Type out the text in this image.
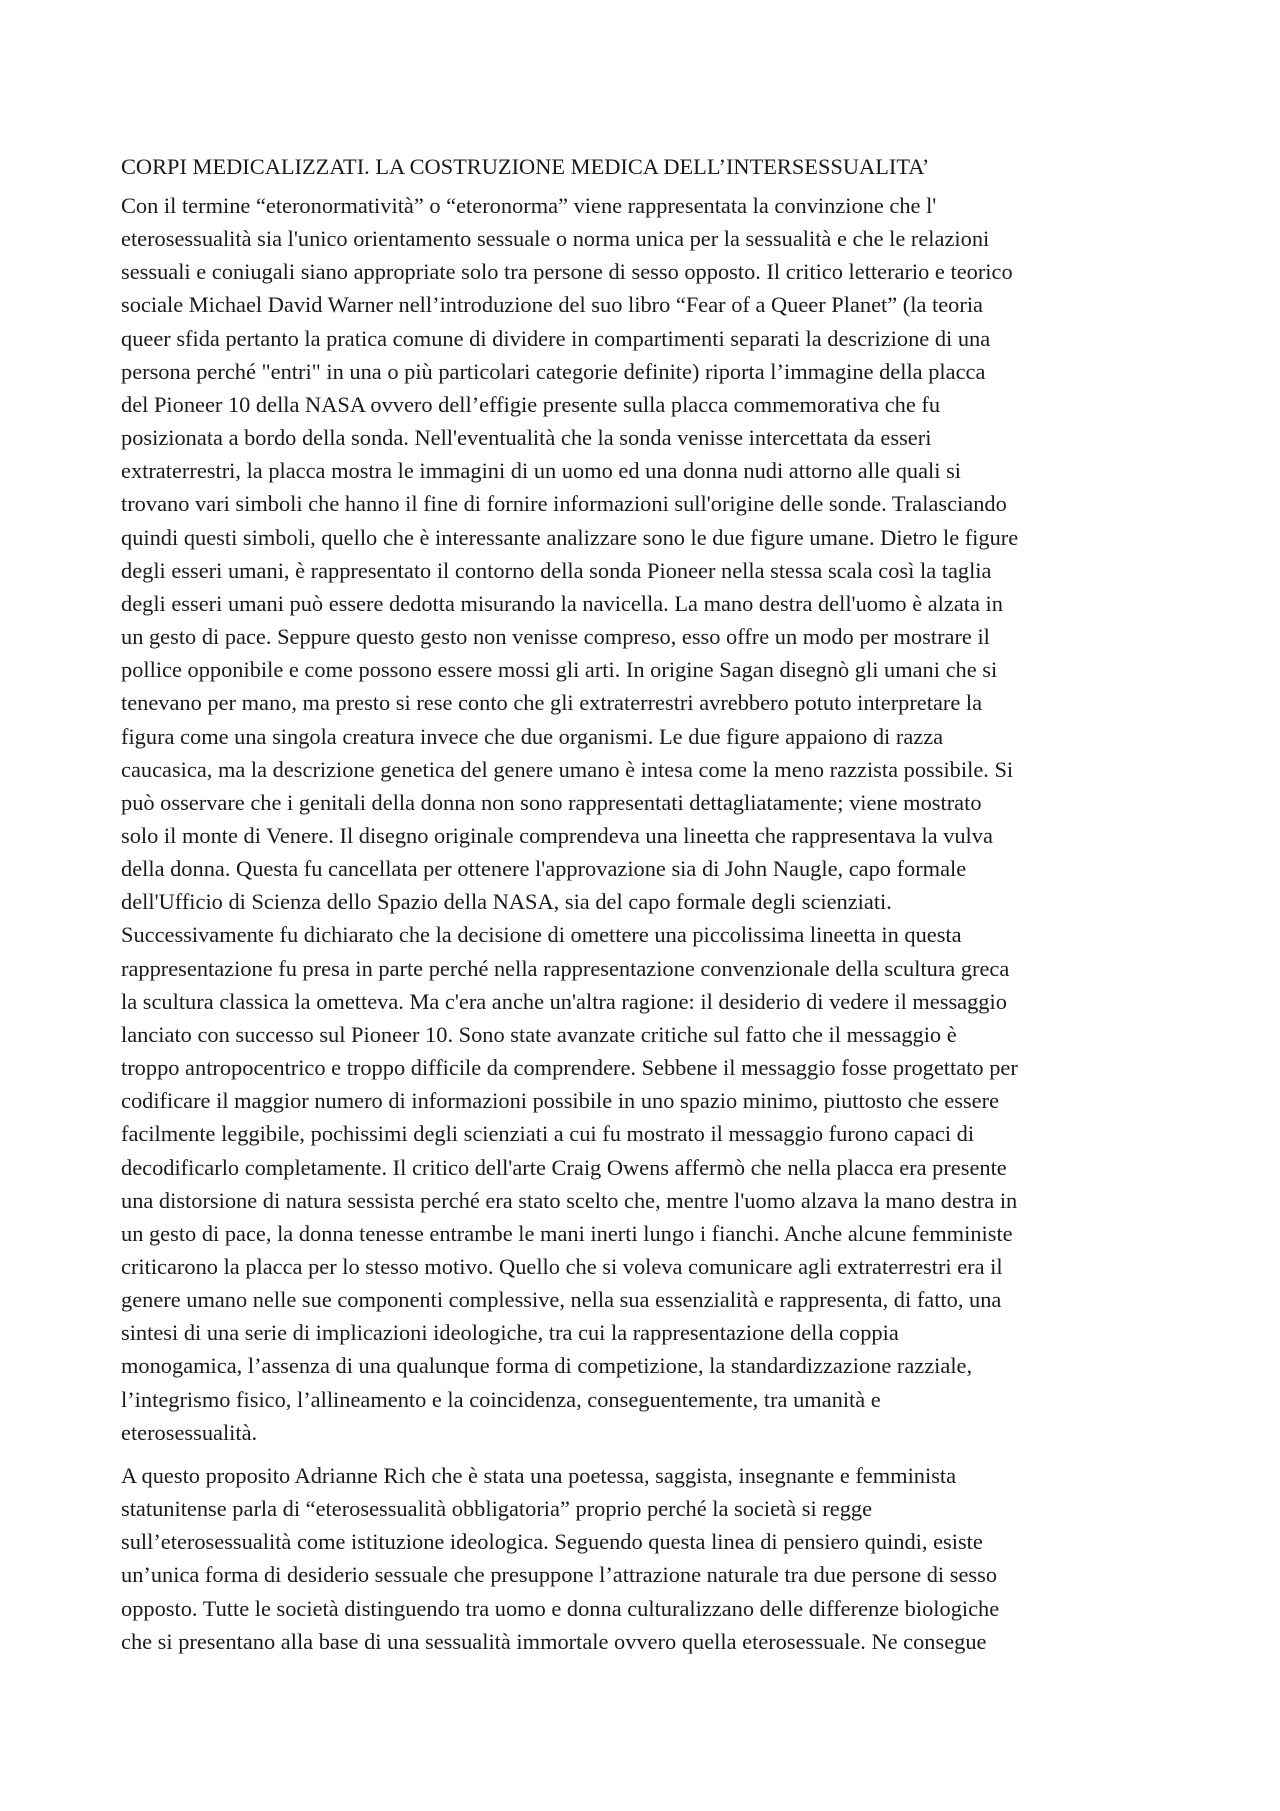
CORPI MEDICALIZZATI. LA COSTRUZIONE MEDICA DELL’INTERSESSUALITA’

Con il termine “eteronormatività” o “eteronorma” viene rappresentata la convinzione che l'
eterosessualità sia l'unico orientamento sessuale o norma unica per la sessualità e che le relazioni
sessuali e coniugali siano appropriate solo tra persone di sesso opposto. Il critico letterario e teorico
sociale Michael David Warner nell’introduzione del suo libro “Fear of a Queer Planet” (la teoria
queer sfida pertanto la pratica comune di dividere in compartimenti separati la descrizione di una
persona perché "entri" in una o più particolari categorie definite) riporta l’immagine della placca
del Pioneer 10 della NASA ovvero dell’effigie presente sulla placca commemorativa che fu
posizionata a bordo della sonda. Nell'eventualità che la sonda venisse intercettata da esseri
extraterrestri, la placca mostra le immagini di un uomo ed una donna nudi attorno alle quali si
trovano vari simboli che hanno il fine di fornire informazioni sull'origine delle sonde. Tralasciando
quindi questi simboli, quello che è interessante analizzare sono le due figure umane. Dietro le figure
degli esseri umani, è rappresentato il contorno della sonda Pioneer nella stessa scala così la taglia
degli esseri umani può essere dedotta misurando la navicella. La mano destra dell'uomo è alzata in
un gesto di pace. Seppure questo gesto non venisse compreso, esso offre un modo per mostrare il
pollice opponibile e come possono essere mossi gli arti. In origine Sagan disegnò gli umani che si
tenevano per mano, ma presto si rese conto che gli extraterrestri avrebbero potuto interpretare la
figura come una singola creatura invece che due organismi. Le due figure appaiono di razza
caucasica, ma la descrizione genetica del genere umano è intesa come la meno razzista possibile. Si
può osservare che i genitali della donna non sono rappresentati dettagliatamente; viene mostrato
solo il monte di Venere. Il disegno originale comprendeva una lineetta che rappresentava la vulva
della donna. Questa fu cancellata per ottenere l'approvazione sia di John Naugle, capo formale
dell'Ufficio di Scienza dello Spazio della NASA, sia del capo formale degli scienziati.
Successivamente fu dichiarato che la decisione di omettere una piccolissima lineetta in questa
rappresentazione fu presa in parte perché nella rappresentazione convenzionale della scultura greca
la scultura classica la ometteva. Ma c'era anche un'altra ragione: il desiderio di vedere il messaggio
lanciato con successo sul Pioneer 10. Sono state avanzate critiche sul fatto che il messaggio è
troppo antropocentrico e troppo difficile da comprendere. Sebbene il messaggio fosse progettato per
codificare il maggior numero di informazioni possibile in uno spazio minimo, piuttosto che essere
facilmente leggibile, pochissimi degli scienziati a cui fu mostrato il messaggio furono capaci di
decodificarlo completamente. Il critico dell'arte Craig Owens affermò che nella placca era presente
una distorsione di natura sessista perché era stato scelto che, mentre l'uomo alzava la mano destra in
un gesto di pace, la donna tenesse entrambe le mani inerti lungo i fianchi. Anche alcune femministe
criticarono la placca per lo stesso motivo. Quello che si voleva comunicare agli extraterrestri era il
genere umano nelle sue componenti complessive, nella sua essenzialità e rappresenta, di fatto, una
sintesi di una serie di implicazioni ideologiche, tra cui la rappresentazione della coppia
monogamica, l’assenza di una qualunque forma di competizione, la standardizzazione razziale,
l’integrismo fisico, l’allineamento e la coincidenza, conseguentemente, tra umanità e
eterosessualità.

A questo proposito Adrianne Rich che è stata una poetessa, saggista, insegnante e femminista
statunitense parla di “eterosessualità obbligatoria” proprio perché la società si regge
sull’eterosessualità come istituzione ideologica. Seguendo questa linea di pensiero quindi, esiste
un’unica forma di desiderio sessuale che presuppone l’attrazione naturale tra due persone di sesso
opposto. Tutte le società distinguendo tra uomo e donna culturalizzano delle differenze biologiche
che si presentano alla base di una sessualità immortale ovvero quella eterosessuale. Ne consegue
